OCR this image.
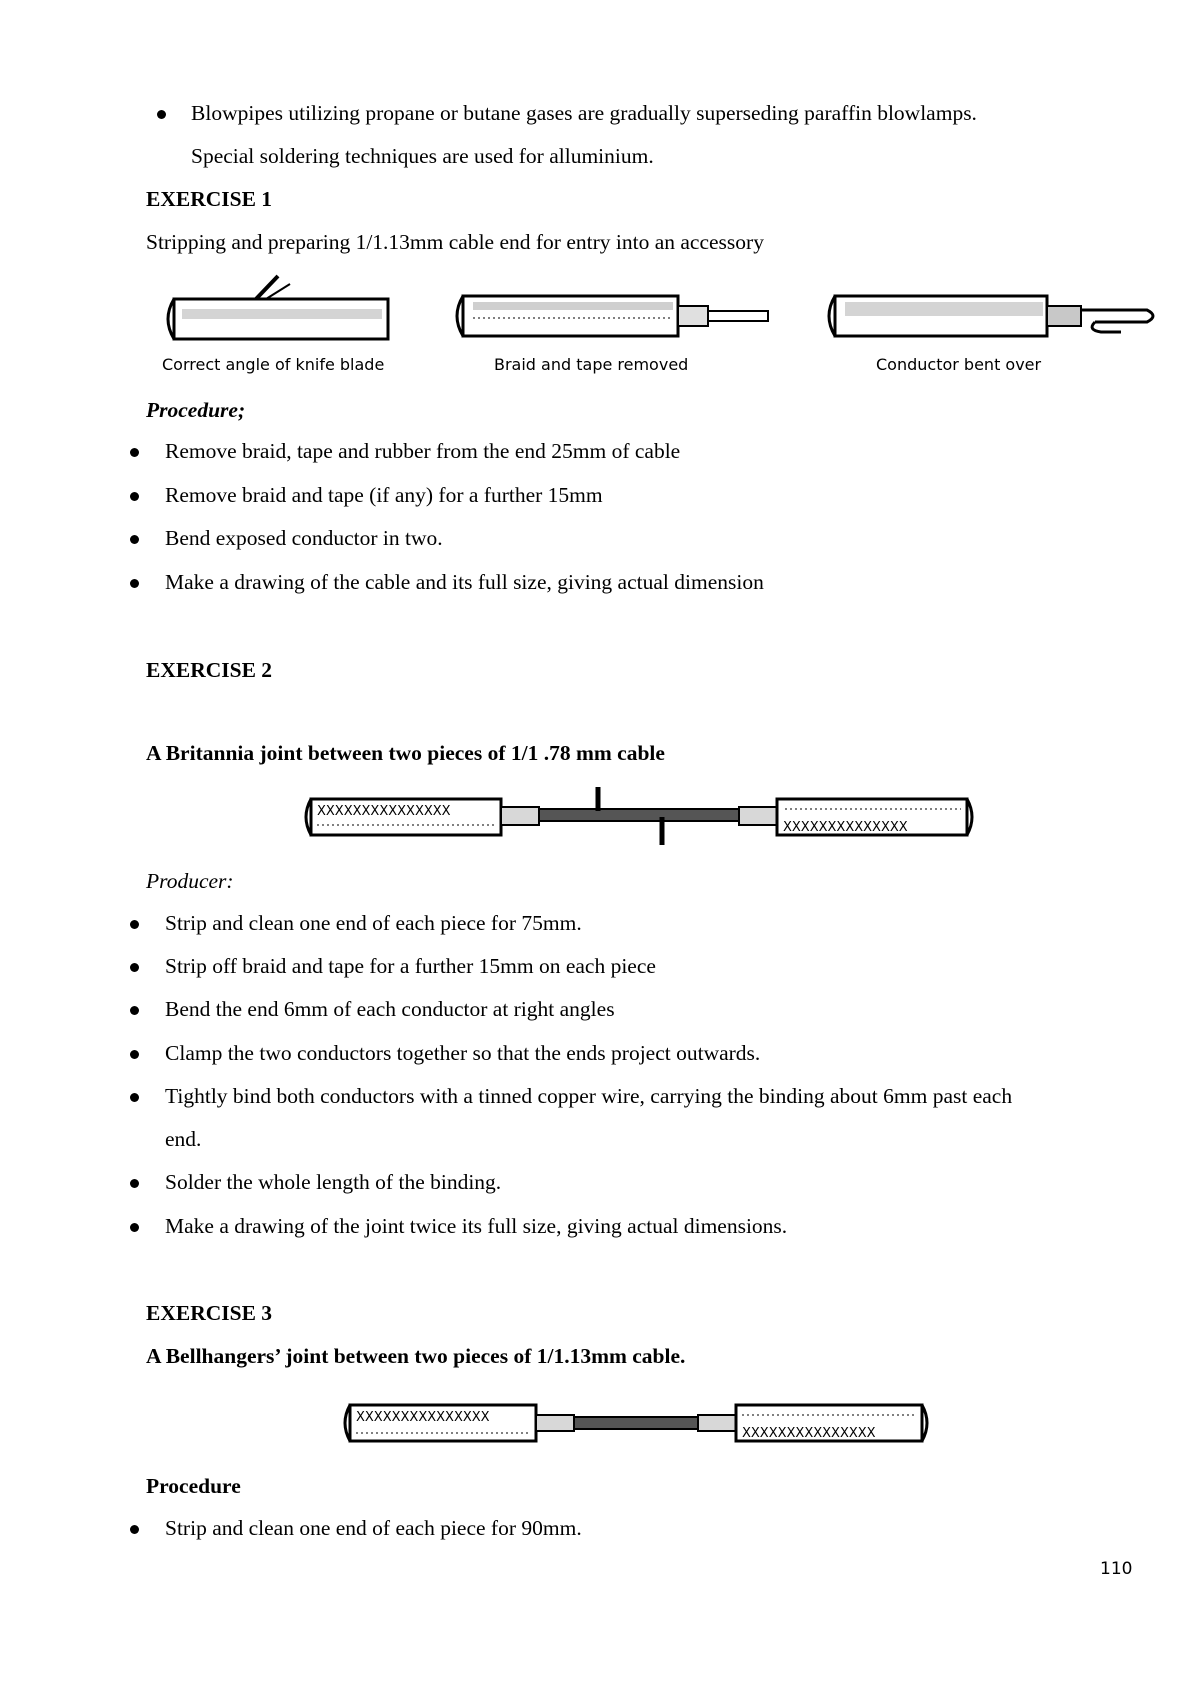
Blowpipes utilizing propane or butane gases are gradually superseding paraffin blowlamps.
Special soldering techniques are used for alluminium.
EXERCISE 1
Stripping and preparing 1/1.13mm cable end for entry into an accessory
Correct angle of knife blade	Braid and tape removed	Conductor bent over
Procedure;
Remove braid, tape and rubber from the end 25mm of cable
Remove braid and tape (if any) for a further 15mm
Bend exposed conductor in two.
Make a drawing of the cable and its full size, giving actual dimension
EXERCISE 2
A Britannia joint between two pieces of 1/1 .78 mm cable
XXXXXXXXXXXXXXX
XXXXXXXXXXXXXX
Producer:
Strip and clean one end of each piece for 75mm.
Strip off braid and tape for a further 15mm on each piece
Bend the end 6mm of each conductor at right angles
Clamp the two conductors together so that the ends project outwards.
Tightly bind both conductors with a tinned copper wire, carrying the binding about 6mm past each
end.
Solder the whole length of the binding.
Make a drawing of the joint twice its full size, giving actual dimensions.
EXERCISE 3
A Bellhangers’ joint between two pieces of 1/1.13mm cable.
XXXXXXXXXXXXXXX
XXXXXXXXXXXXXXX
Procedure
Strip and clean one end of each piece for 90mm.
110
